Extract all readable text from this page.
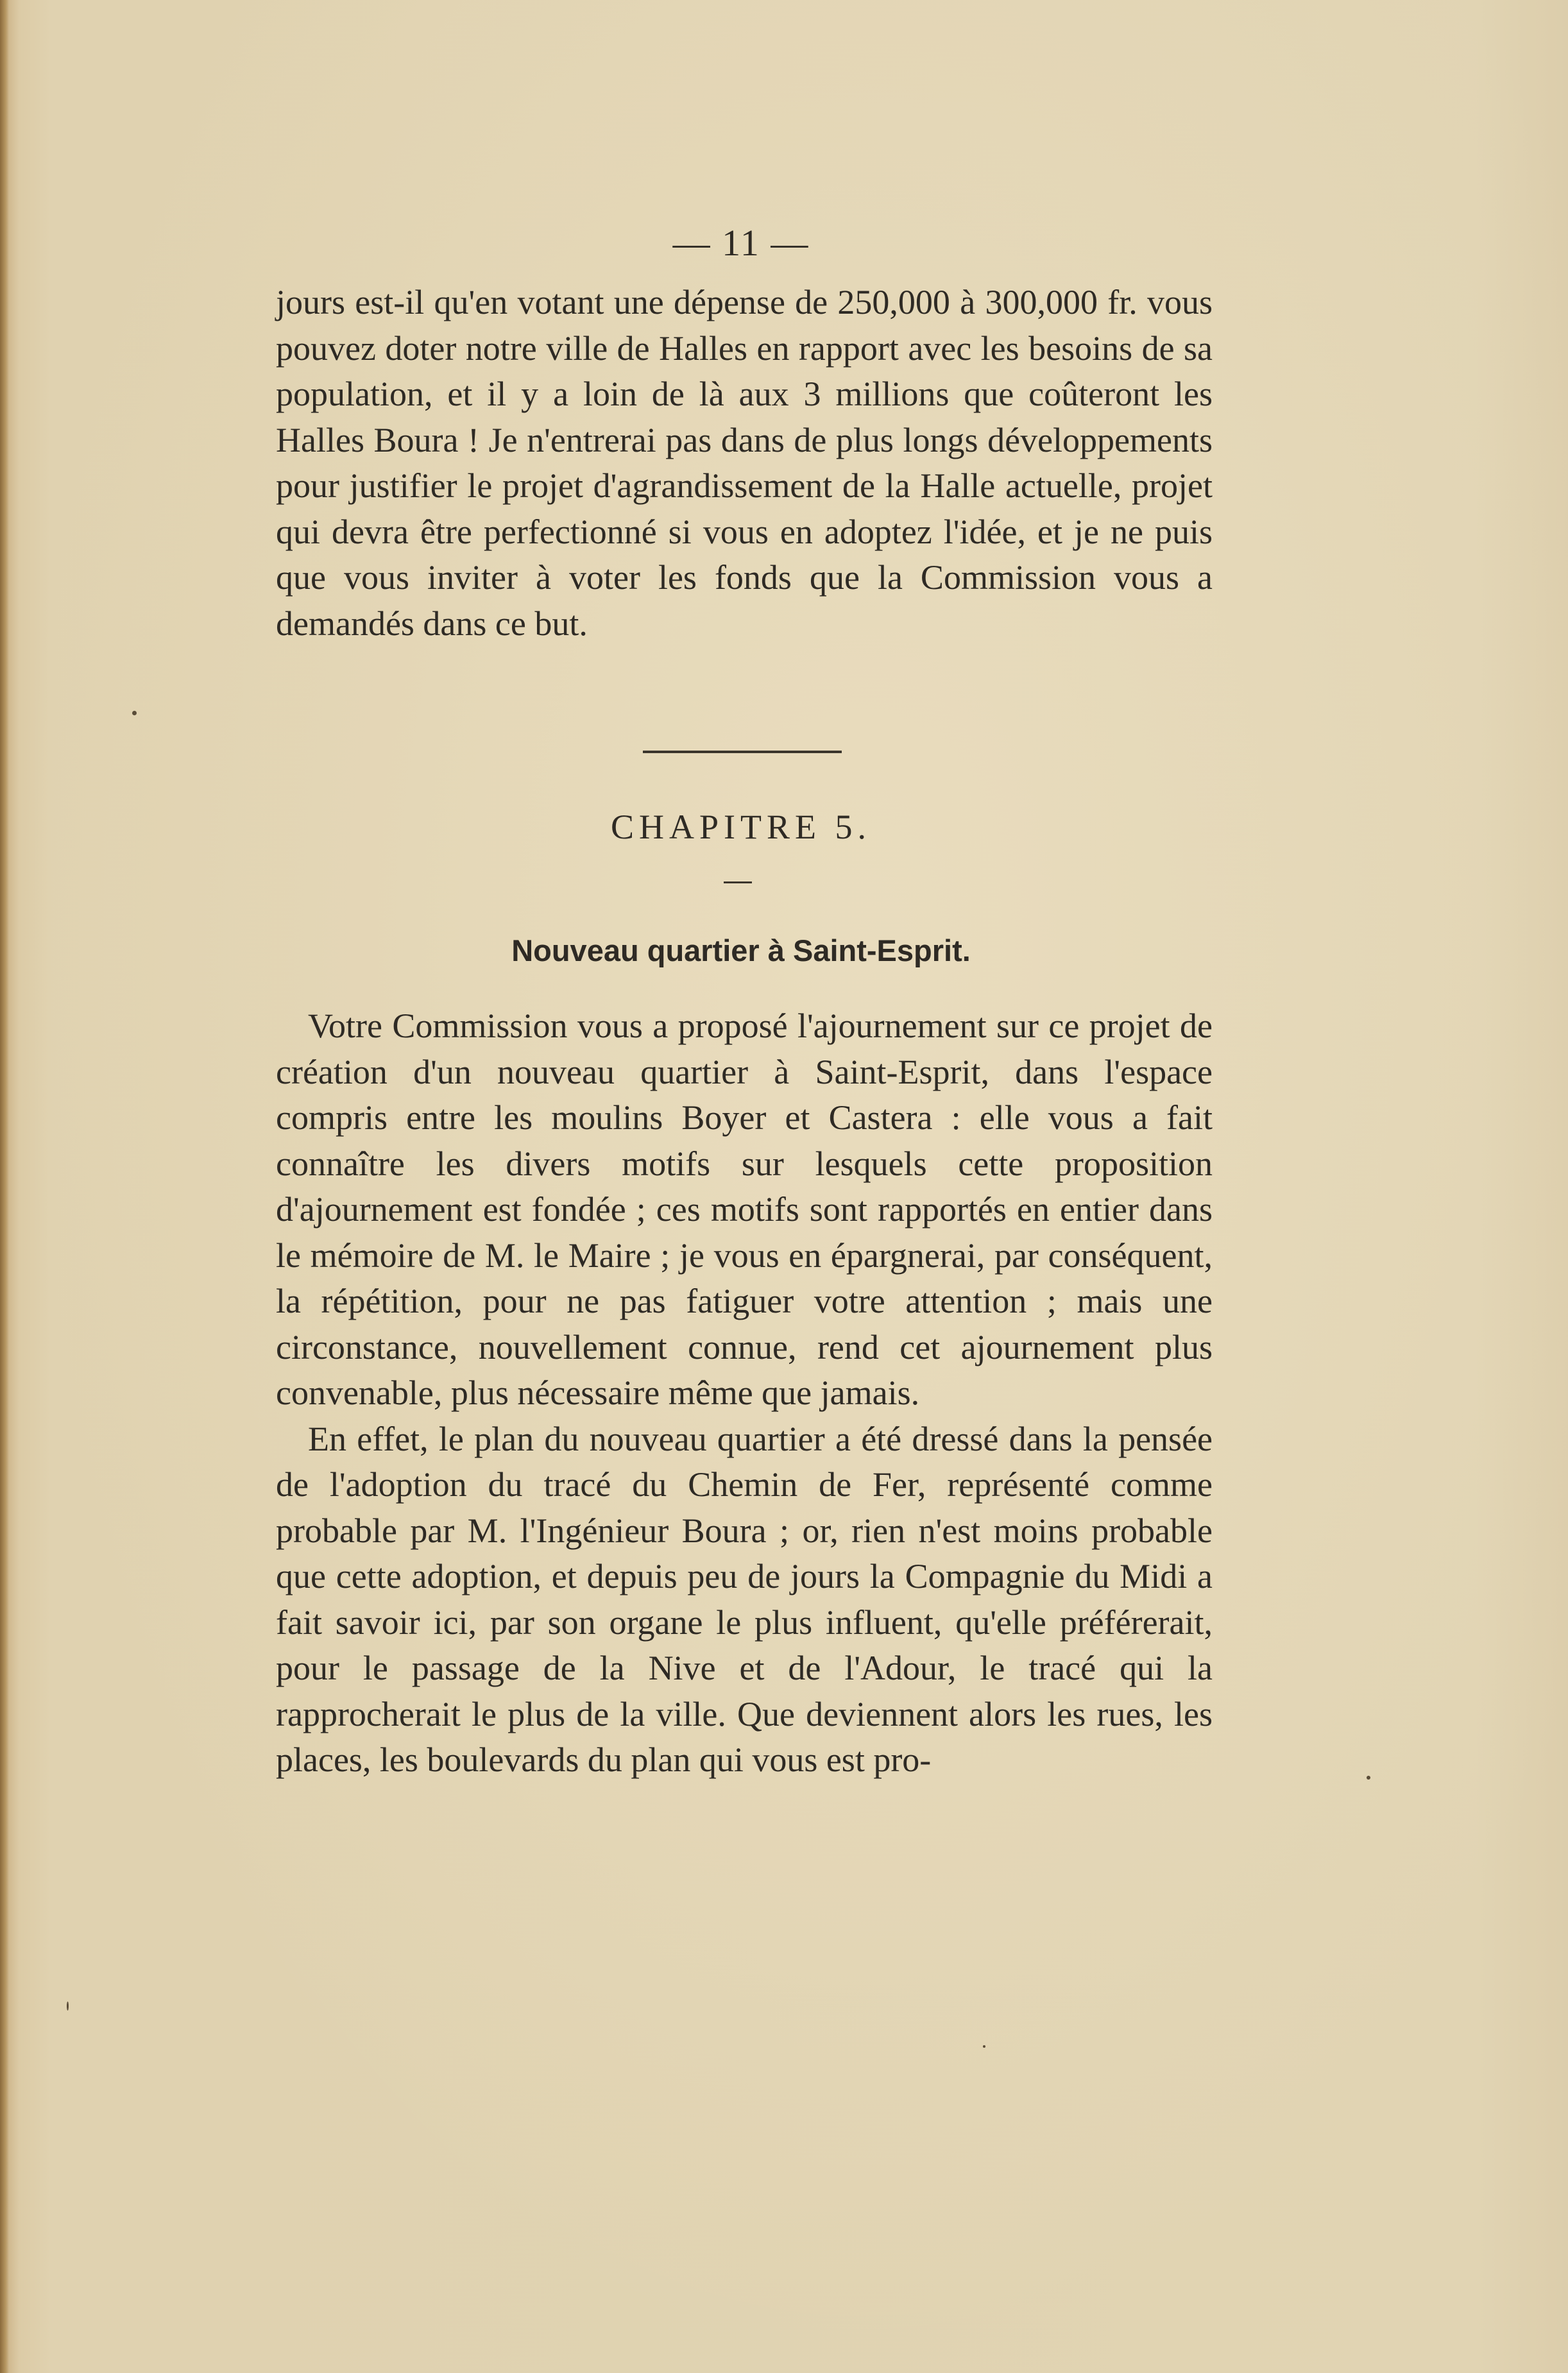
— 11 —

jours est-il qu'en votant une dépense de 250,000 à 300,000 fr. vous pouvez doter notre ville de Halles en rapport avec les besoins de sa population, et il y a loin de là aux 3 millions que coûteront les Halles Boura ! Je n'entrerai pas dans de plus longs développements pour justifier le projet d'agrandissement de la Halle actuelle, projet qui devra être perfectionné si vous en adoptez l'idée, et je ne puis que vous inviter à voter les fonds que la Commission vous a demandés dans ce but.

CHAPITRE 5.
Nouveau quartier à Saint-Esprit.

Votre Commission vous a proposé l'ajournement sur ce projet de création d'un nouveau quartier à Saint-Esprit, dans l'espace compris entre les moulins Boyer et Castera : elle vous a fait connaître les divers motifs sur lesquels cette proposition d'ajournement est fondée ; ces motifs sont rapportés en entier dans le mémoire de M. le Maire ; je vous en épargnerai, par conséquent, la répétition, pour ne pas fatiguer votre attention ; mais une circonstance, nouvellement connue, rend cet ajournement plus convenable, plus nécessaire même que jamais.

En effet, le plan du nouveau quartier a été dressé dans la pensée de l'adoption du tracé du Chemin de Fer, représenté comme probable par M. l'Ingénieur Boura ; or, rien n'est moins probable que cette adoption, et depuis peu de jours la Compagnie du Midi a fait savoir ici, par son organe le plus influent, qu'elle préférerait, pour le passage de la Nive et de l'Adour, le tracé qui la rapprocherait le plus de la ville. Que deviennent alors les rues, les places, les boulevards du plan qui vous est pro-
